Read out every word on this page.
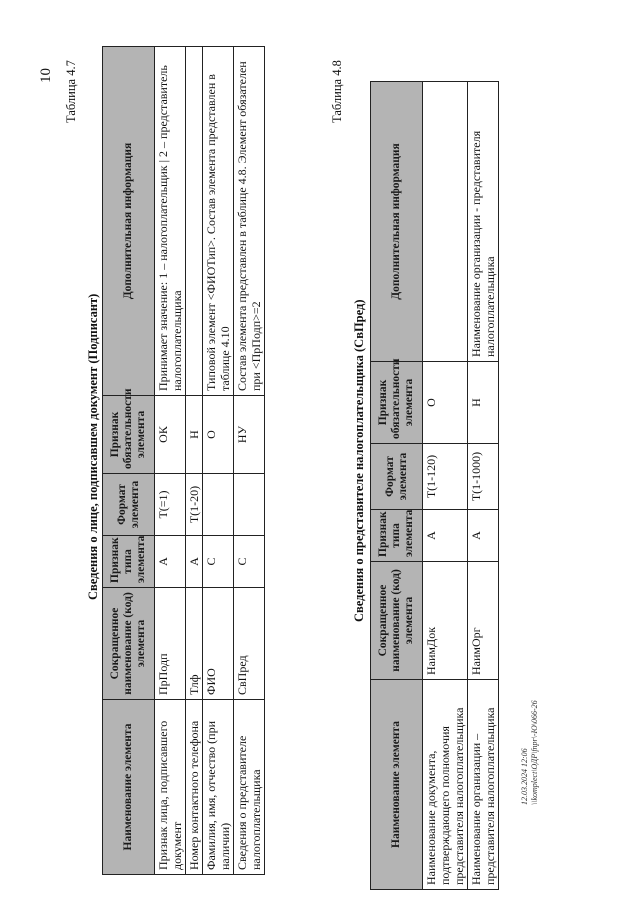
10 Таблица 4.7
Сведения о лице, подписавшем документ (Подписант)
Наименование элемента	Сокращенное наименование (код) элемента	Признак типа элемента	Формат элемента	Признак обязательности элемента	Дополнительная информация
Признак лица, подписавшего документ	ПрПодп	А	Т(=1)	ОК	Принимает значение: 1 – налогоплательщик | 2 – представитель налогоплательщика
Номер контактного телефона	Тлф	А	Т(1-20)	Н	
Фамилия, имя, отчество (при наличии)	ФИО	С		О	Типовой элемент <ФИОТип>. Состав элемента представлен в таблице 4.10
Сведения о представителе налогоплательщика	СвПред	С		НУ	Состав элемента представлен в таблице 4.8. Элемент обязателен при <ПрПодп>=2
Таблица 4.8
Сведения о представителе налогоплательщика (СвПред)
Наименование элемента	Сокращенное наименование (код) элемента	Признак типа элемента	Формат элемента	Признак обязательности элемента	Дополнительная информация
Наименование документа, подтверждающего полномочия представителя налогоплательщика	НаимДок	А	Т(1-120)	О	
Наименование организации – представителя налогоплательщика	НаимОрг	А	Т(1-1000)	Н	Наименование организации - представителя налогоплательщика
12.03.2024 12:06 \\komplect\ОДР\fnpr\-Ю\066-26
